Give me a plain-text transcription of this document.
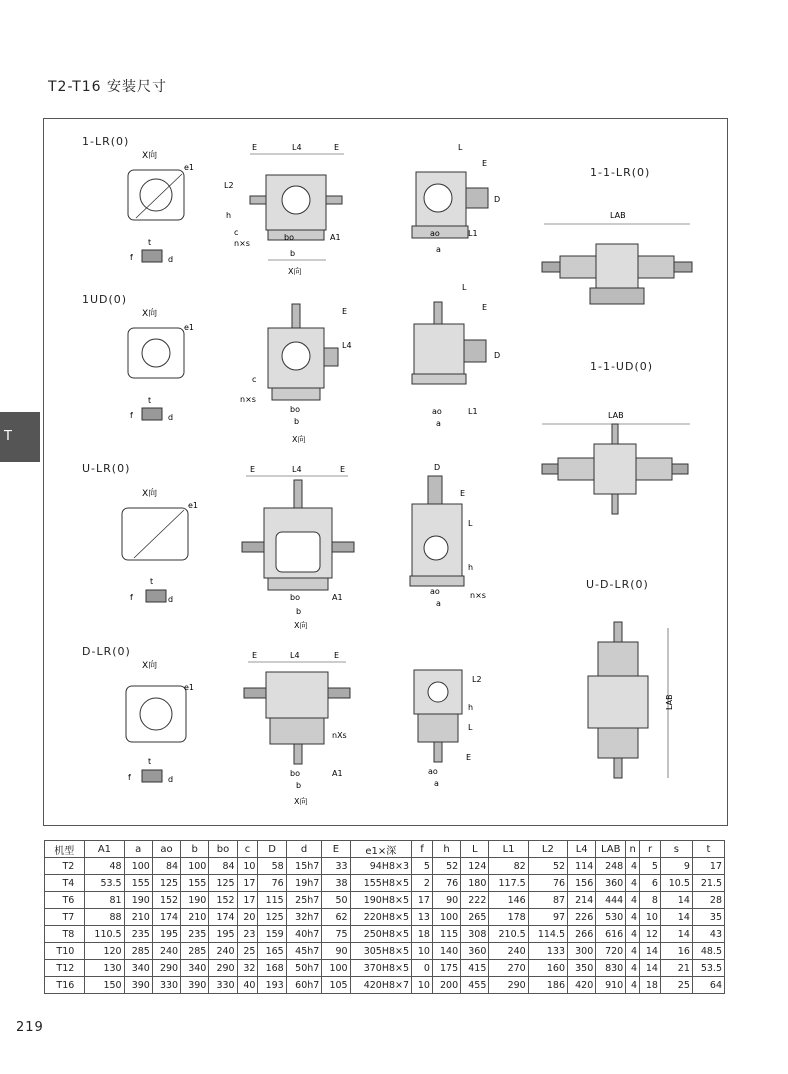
T2-T16 安装尺寸
T
1-LR(0)
1UD(0)
U-LR(0)
D-LR(0)
1-1-LR(0)
1-1-UD(0)
U-D-LR(0)
X向
e1
t
f	d
E	L4	E
L2
h
c
n×s
bo	A1
b
X向
L
E
D
ao	L1
a
LAB
X向
e1
t
f	d
E
L4
c
n×s
bo
b
X向
L
E
D
ao	L1
a
LAB
X向
e1
t
f	d
E	L4	E
bo	A1
b
X向
D
E
L
h
ao	n×s
a
LAB
X向
e1
t
f	d
E	L4	E
nXs
bo	A1
b
X向
L2
h
L
E
ao
a
机型	A1	a	ao	b	bo	c	D	d	E	e1×深	f	h	L	L1	L2	L4	LAB	n	r	s	t
T2	48	100	84	100	84	10	58	15h7	33	94H8×3	5	52	124	82	52	114	248	4	5	9	17
T4	53.5	155	125	155	125	17	76	19h7	38	155H8×5	2	76	180	117.5	76	156	360	4	6	10.5	21.5
T6	81	190	152	190	152	17	115	25h7	50	190H8×5	17	90	222	146	87	214	444	4	8	14	28
T7	88	210	174	210	174	20	125	32h7	62	220H8×5	13	100	265	178	97	226	530	4	10	14	35
T8	110.5	235	195	235	195	23	159	40h7	75	250H8×5	18	115	308	210.5	114.5	266	616	4	12	14	43
T10	120	285	240	285	240	25	165	45h7	90	305H8×5	10	140	360	240	133	300	720	4	14	16	48.5
T12	130	340	290	340	290	32	168	50h7	100	370H8×5	0	175	415	270	160	350	830	4	14	21	53.5
T16	150	390	330	390	330	40	193	60h7	105	420H8×7	10	200	455	290	186	420	910	4	18	25	64
219
